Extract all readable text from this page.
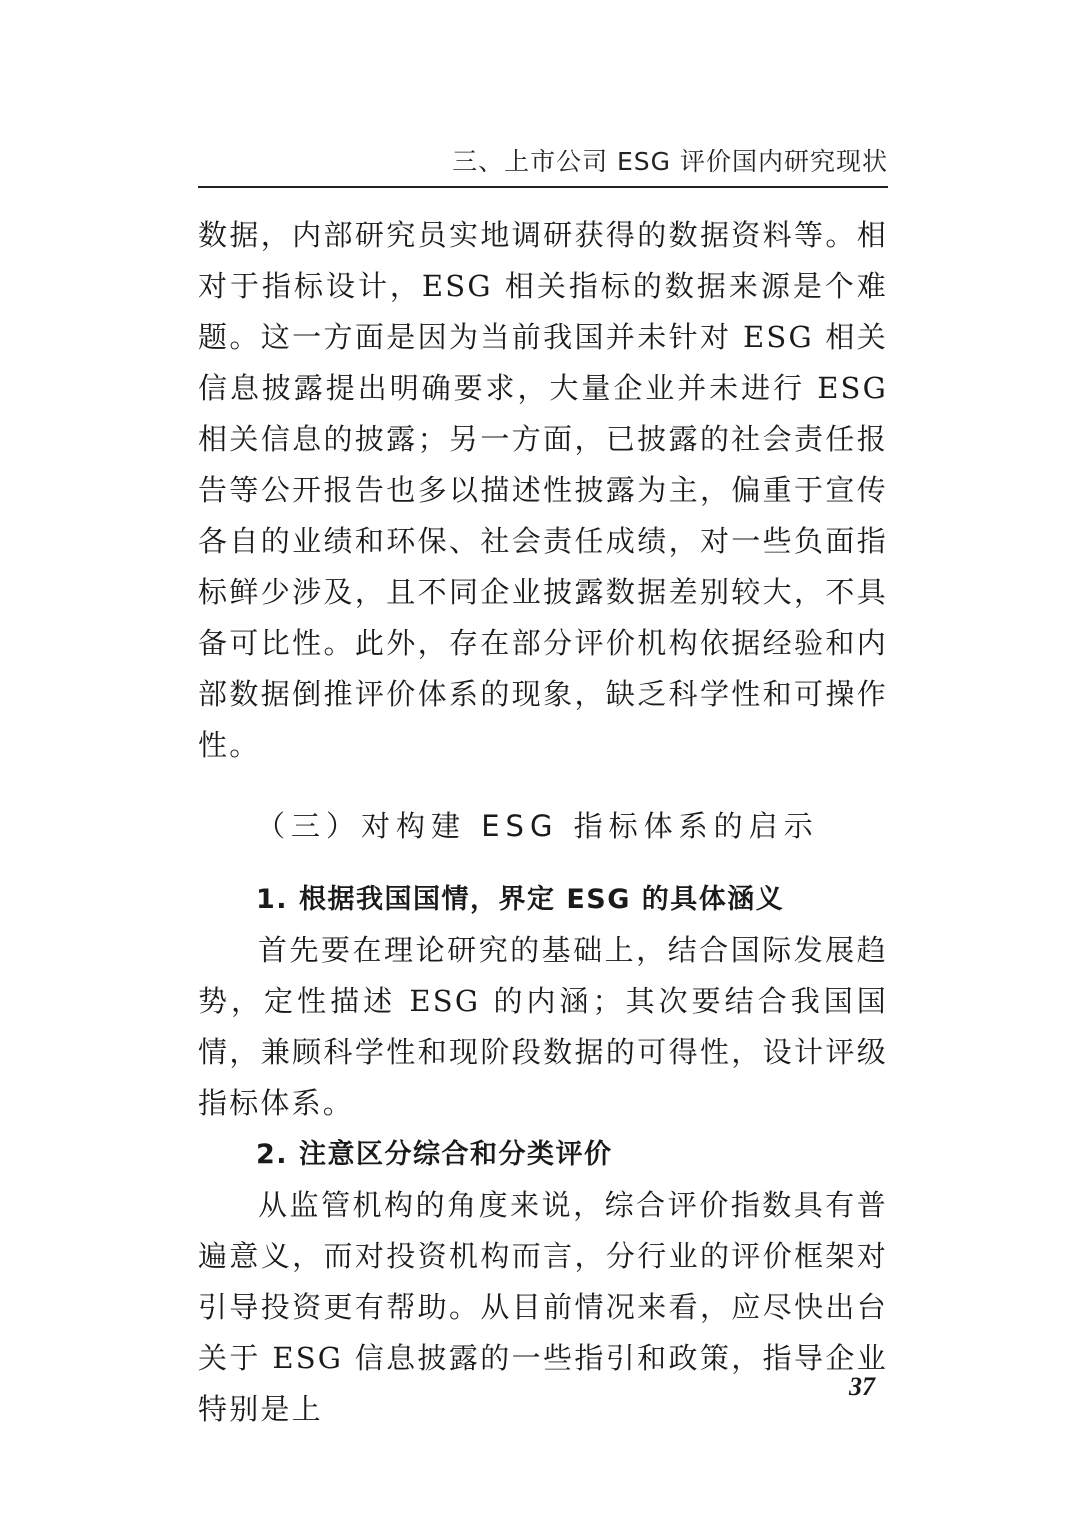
三、上市公司 ESG 评价国内研究现状

数据，内部研究员实地调研获得的数据资料等。相对于指标设计，ESG 相关指标的数据来源是个难题。这一方面是因为当前我国并未针对 ESG 相关信息披露提出明确要求，大量企业并未进行 ESG 相关信息的披露；另一方面，已披露的社会责任报告等公开报告也多以描述性披露为主，偏重于宣传各自的业绩和环保、社会责任成绩，对一些负面指标鲜少涉及，且不同企业披露数据差别较大，不具备可比性。此外，存在部分评价机构依据经验和内部数据倒推评价体系的现象，缺乏科学性和可操作性。

（三）对构建 ESG 指标体系的启示
1. 根据我国国情，界定 ESG 的具体涵义

首先要在理论研究的基础上，结合国际发展趋势，定性描述 ESG 的内涵；其次要结合我国国情，兼顾科学性和现阶段数据的可得性，设计评级指标体系。

2. 注意区分综合和分类评价

从监管机构的角度来说，综合评价指数具有普遍意义，而对投资机构而言，分行业的评价框架对引导投资更有帮助。从目前情况来看，应尽快出台关于 ESG 信息披露的一些指引和政策，指导企业特别是上

37
